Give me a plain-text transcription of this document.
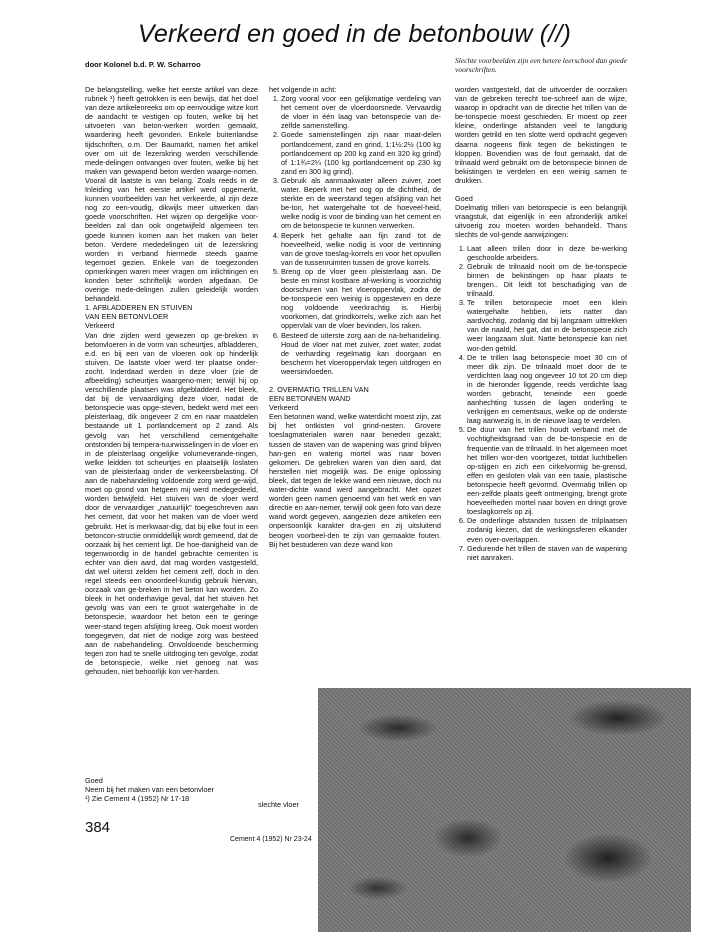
Verkeerd en goed in de betonbouw (//)
door Kolonel b.d. P. W. Scharroo	Slechte voorbeelden zijn een betere leerschool dan goede voorschriften.

De belangstelling, welke het eerste artikel van deze rubriek ¹) heeft getrokken is een bewijs, dat het doel van deze artikelenreeks om op eenvoudige witze kort de aandacht te vestigen op fouten, welke bij het uitvoeren van beton-werken worden gemaakt, waardering heeft gevonden. Enkele buitenlandse tijdschriften, o.m. Der Baumarkt, namen het artikel over om uit de lezerskring werden verschillende mede-delingen ontvangen over fouten, welke bij het maken van gewapend beton werden waarge-nomen. Vooral dit laatste is van belang. Zoals reeds in de Inleiding van het eerste artikel werd opgemerkt, kunnen voorbeelden van het verkeerde, al zijn deze nog zo een-voudig, dikwijls meer uitwerken dan goede voorschriften. Het wijzen op dergelijke voor-beelden zal dan ook ongetwijfeld algemeen ten goede kunnen komen aan het maken van beter beton. Verdere mededelingen uit de lezerskring worden in verband hiermede steeds gaarne tegemoet gezien. Enkele van de toegezonden opmerkingen waren meer vragen om inlichtingen en konden beter schriftelijk worden afgedaan. De overige mede-delingen zullen geleidelijk worden behandeld.

1. AFBLADDEREN EN STUIVEN

VAN EEN BETONVLOER

Verkeerd

Van drie zijden werd gewezen op ge-breken in betonvloeren in de vorm van scheurtjes, afbladderen, e.d. en bij een van de vloeren ook op hinderlijk stuiven. De laatste vloer werd ter plaatse onder-zocht. Inderdaad werden in deze vloer (zie de afbeelding) scheurtjes waargeno-men; terwijl hij op verschillende plaatsen was afgebladderd. Het bleek, dat bij de vervaardiging deze vloer, nadat de betonspecie was opge-steven, bedekt werd met een pleisterlaag, dik ongeveer 2 cm en naar maatdelen bestaande uit 1 portlandcement op 2 zand. Als gevolg van het verschillend cementgehalte ontstonden bij tempera-tuurwisselingen in de vloer en in de pleisterlaag ongelijke volumeverande-ringen, welke leidden tot scheurtjes en plaatselijk loslaten van de pleisterlaag onder de verkeersbelasting. Of aan de nabehandeling voldoende zorg werd ge-wijd, moet op grond van hetgeen mij werd medegedeeld, worden betwijfeld. Het stuiven van de vloer werd door de vervaardiger „natuurlijk" toegeschreven aan het cement, dat voor het maken van de vloer werd gebruikt. Het is merkwaar-dig, dat bij elke fout in een betoncon-structie onmiddellijk wordt gemeend, dat de oorzaak bij het cement ligt. De hoe-danigheid van de tegenwoordig in de handel gebrachte cementen is echter van dien aard, dat mag worden vastgesteld, dat wel uiterst zelden het cement zelf, doch in den regel steeds een onoordeel-kundig gebruik hiervan, oorzaak van ge-breken in het beton kan worden. Zo bleek in het onderhavige geval, dat het stuiven het gevolg was van een te groot watergehalte in de betonspecie, waardoor het beton een te geringe weer-stand tegen afslijting kreeg. Ook moest worden toegegeven, dat niet de nodige zorg was besteed aan de nabehandeling. Onvoldoende bescherming tegen zon had te snelle uitdroging ten gevolge, zodat de betonspecie, welke niet genoeg nat was gehouden, niet behoorlijk kon ver-harden.

Goed
Neem bij het maken van een betonvloer
¹) Zie Cement 4 (1952) Nr 17-18

het volgende in acht:

1. Zorg vooral voor een gelijkmatige verdeling van het cement over de vloerdoorsnede. Vervaardig de vloer in één laag van betonspecie van de-zelfde samenstelling.
2. Goede samenstellingen zijn naar maat-delen portlandcement, zand en grind, 1:1½:2½ (100 kg portlandcement op 200 kg zand en 320 kg grind) of 1:1¾=2¼ (100 kg portlandcement op 230 kg zand en 300 kg grind).
3. Gebruik als aanmaakwater alleen zuiver, zoet water. Beperk met het oog op de dichtheid, de sterkte en de weerstand tegen afslijting van het be-ton, het watergehalte tot de hoeveel-heid, welke nodig is voor de binding van het cement en om de betonspecie te kunnen verwerken.
4. Beperk het gehalte aan fijn zand tot de hoeveelheid, welke nodig is voor de vertinning van de grove toeslag-korrels en voor het opvullen van de tussenruimten tussen de grove korrels.
5. Breng op de vloer geen pleisterlaag aan. De beste en minst kostbare af-werking is voorzichtig doorschuren van het vloeroppervlak, zodra de be-tonspecie een weinig is opgesteven en deze nog voldoende veerkrachtig is. Hierbij voorkomen, dat grindkorrels, welke zich aan het oppervlak van de vloer bevinden, los raken.
6. Besteed de uiterste zorg aan de na-behandeling. Houd de vloer nat met zuiver, zoet water, zodat de verharding regelmatig kan doorgaan en bescherm het vloeroppervlak tegen uitdrogen en weersinvloeden.

2. OVERMATIG TRILLEN VAN

EEN BETONNEN WAND

Verkeerd

Een betonnen wand, welke waterdicht moest zijn, zat bij het ontkisten vol grind-nesten. Grovere toeslagmaterialen waren naar beneden gezakt; tussen de staven van de wapening was grind blijven han-gen en waterig mortel was naar boven gekomen. De gebreken waren van dien aard, dat herstellen niet mogelijk was. De enige oplossing bleek, dat tegen de lekke wand een nieuwe, doch nu water-dichte wand werd aangebracht. Met opzet worden geen namen genoemd van het werk en van directie en aan-nemer, terwijl ook geen foto van deze wand wordt gegeven, aangezien deze artikelen een onpersoonlijk karakter dra-gen en zij uitsluitend beogen voorbeel-den te zijn van gemaakte fouten. Bij het bestuderen van deze wand kon

worden vastgesteld, dat de uitvoerder de oorzaken van de gebreken terecht toe-schreef aan de wijze, waarop in opdracht van de directie het trillen van de be-tonspecie moest geschieden. Er moest op zeer kleine, onderlinge afstanden veel te langdurig worden getrild en ten slotte werd opdracht gegeven daarna nogeens flink tegen de bekistingen te kloppen. Bovendien was de fout gemaakt, dat de trilnaald werd gebruikt om de betonspecie binnen de bekistingen te verdelen en een weinig samen te drukken.

Goed

Doelmatig trillen van betonspecie is een belangrijk vraagstuk, dat eigenlijk in een afzonderlijk artikel uitvoerig zou moeten worden behandeld. Thans slechts de vol-gende aanwijzingen:

1. Laat alleen trillen door in deze be-werking geschoolde arbeiders.
2. Gebruik de trilnaald nooit om de be-tonspecie binnen de bekistingen op haar plaats te brengen.. Dit leidt tot beschadiging van de trilnaald.
3. Te trillen betonspecie moet een klein watergehalte hebben, iets natter dan aardvochtig, zodanig dat bij langzaam uittrekken van de naald, het gat, dat in de betonspecie zich weer langzaam sluit. Natte betonspecie kan niet wor-den getrild.
4. De te trillen laag betonspecie moet 30 cm of meer dik zijn. De trilnaald moet door de te verdichten laag nog ongeveer 10 tot 20 cm diep in de hieronder liggende, reeds verdichte laag worden gebracht, teneinde een goede aanhechting tussen de lagen onderling te verkrijgen en cementsaus, welke op de onderste laag aanwezig is, in de nieuwe laag te verdelen.
5. De duur van het trillen houdt verband met de vochtigheidsgraad van de be-tonspecie en de frequentie van de trilnaald. In het algemeen moet het trillen wor-den voortgezet, totdat luchtbellen op-stijgen en zich een cirkelvormig be-grensd, effen en gesloten vlak van een taaie, plastische betonspecie heeft gevormd. Overmatig trillen op een-zelfde plaats geeft ontmenging, brengt grote hoeveelheden mortel naar boven en dringt grove toeslagkorrels op zij.
6. De onderlinge afstanden tussen de trilplaatsen zodanig kiezen, dat de werkingssferen elkander even over-overlappen.
7. Gedurende het trillen de staven van de wapening niet aanraken.
slechte vloer
384
Cement 4 (1952) Nr 23-24
